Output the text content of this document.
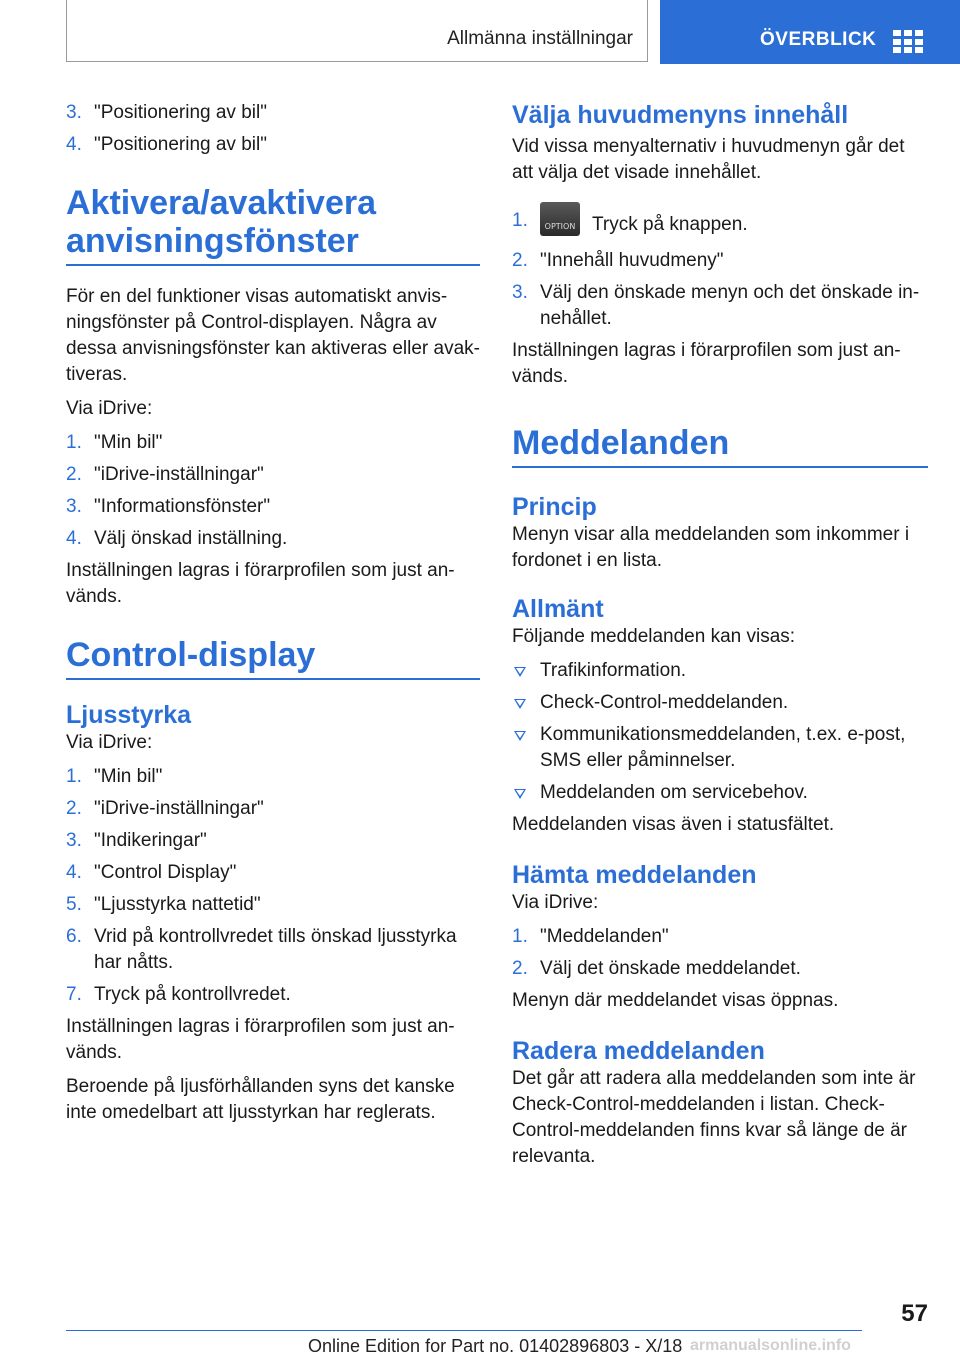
Allmänna inställningar	ÖVERBLICK
3. "Positionering av bil"
4. "Positionering av bil"
Aktivera/avaktivera anvisningsfönster

För en del funktioner visas automatiskt anvis-ningsfönster på Control-displayen. Några av dessa anvisningsfönster kan aktiveras eller avak-tiveras.

Via iDrive:

1. "Min bil"
2. "iDrive-inställningar"
3. "Informationsfönster"
4. Välj önskad inställning.

Inställningen lagras i förarprofilen som just an-vänds.

Control-display
Ljusstyrka

Via iDrive:

1. "Min bil"
2. "iDrive-inställningar"
3. "Indikeringar"
4. "Control Display"
5. "Ljusstyrka nattetid"
6. Vrid på kontrollvredet tills önskad ljusstyrka har nåtts.
7. Tryck på kontrollvredet.

Inställningen lagras i förarprofilen som just an-vänds.

Beroende på ljusförhållanden syns det kanske inte omedelbart att ljusstyrkan har reglerats.

Välja huvudmenyns innehåll

Vid vissa menyalternativ i huvudmenyn går det att välja det visade innehållet.

1.	OPTION Tryck på knappen.
2. "Innehåll huvudmeny"
3. Välj den önskade menyn och det önskade in-nehållet.

Inställningen lagras i förarprofilen som just an-vänds.

Meddelanden
Princip

Menyn visar alla meddelanden som inkommer i fordonet i en lista.

Allmänt

Följande meddelanden kan visas:

Trafikinformation.
Check-Control-meddelanden.
Kommunikationsmeddelanden, t.ex. e-post, SMS eller påminnelser.
Meddelanden om servicebehov.

Meddelanden visas även i statusfältet.

Hämta meddelanden

Via iDrive:

1. "Meddelanden"
2. Välj det önskade meddelandet.

Menyn där meddelandet visas öppnas.

Radera meddelanden

Det går att radera alla meddelanden som inte är Check-Control-meddelanden i listan. Check-Control-meddelanden finns kvar så länge de är relevanta.

57
Online Edition for Part no. 01402896803 - X/18 armanualsonline.info
